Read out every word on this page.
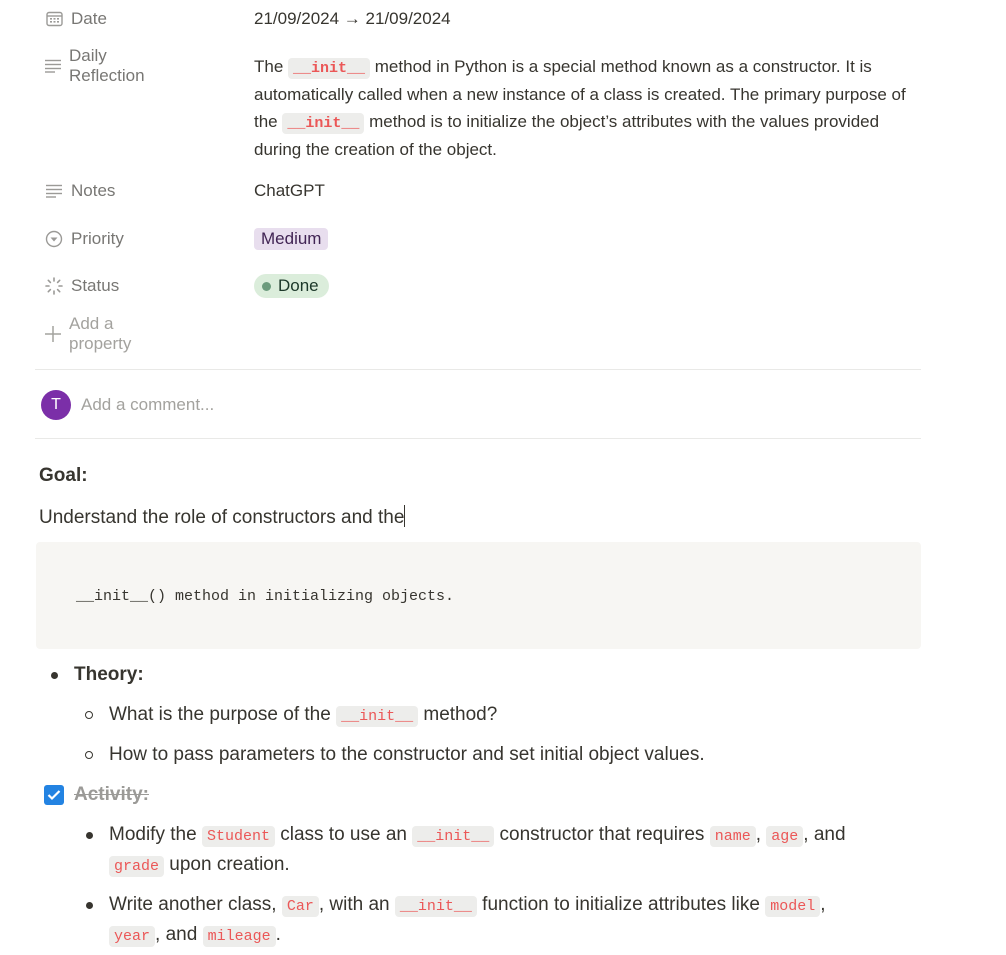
Date	21/09/2024 → 21/09/2024
Daily Reflection	The __init__ method in Python is a special method known as a constructor. It is automatically called when a new instance of a class is created. The primary purpose of the __init__ method is to initialize the object’s attributes with the values provided during the creation of the object.
Notes	ChatGPT
Priority	Medium
Status	Done
Add a property
T	Add a comment...
Goal:
Understand the role of constructors and the
__init__() method in initializing objects.
Theory:
What is the purpose of the __init__ method?
How to pass parameters to the constructor and set initial object values.
Activity:
Modify the Student class to use an __init__ constructor that requires name , age , and
grade upon creation.
Write another class, Car , with an __init__ function to initialize attributes like model ,
year , and mileage .
